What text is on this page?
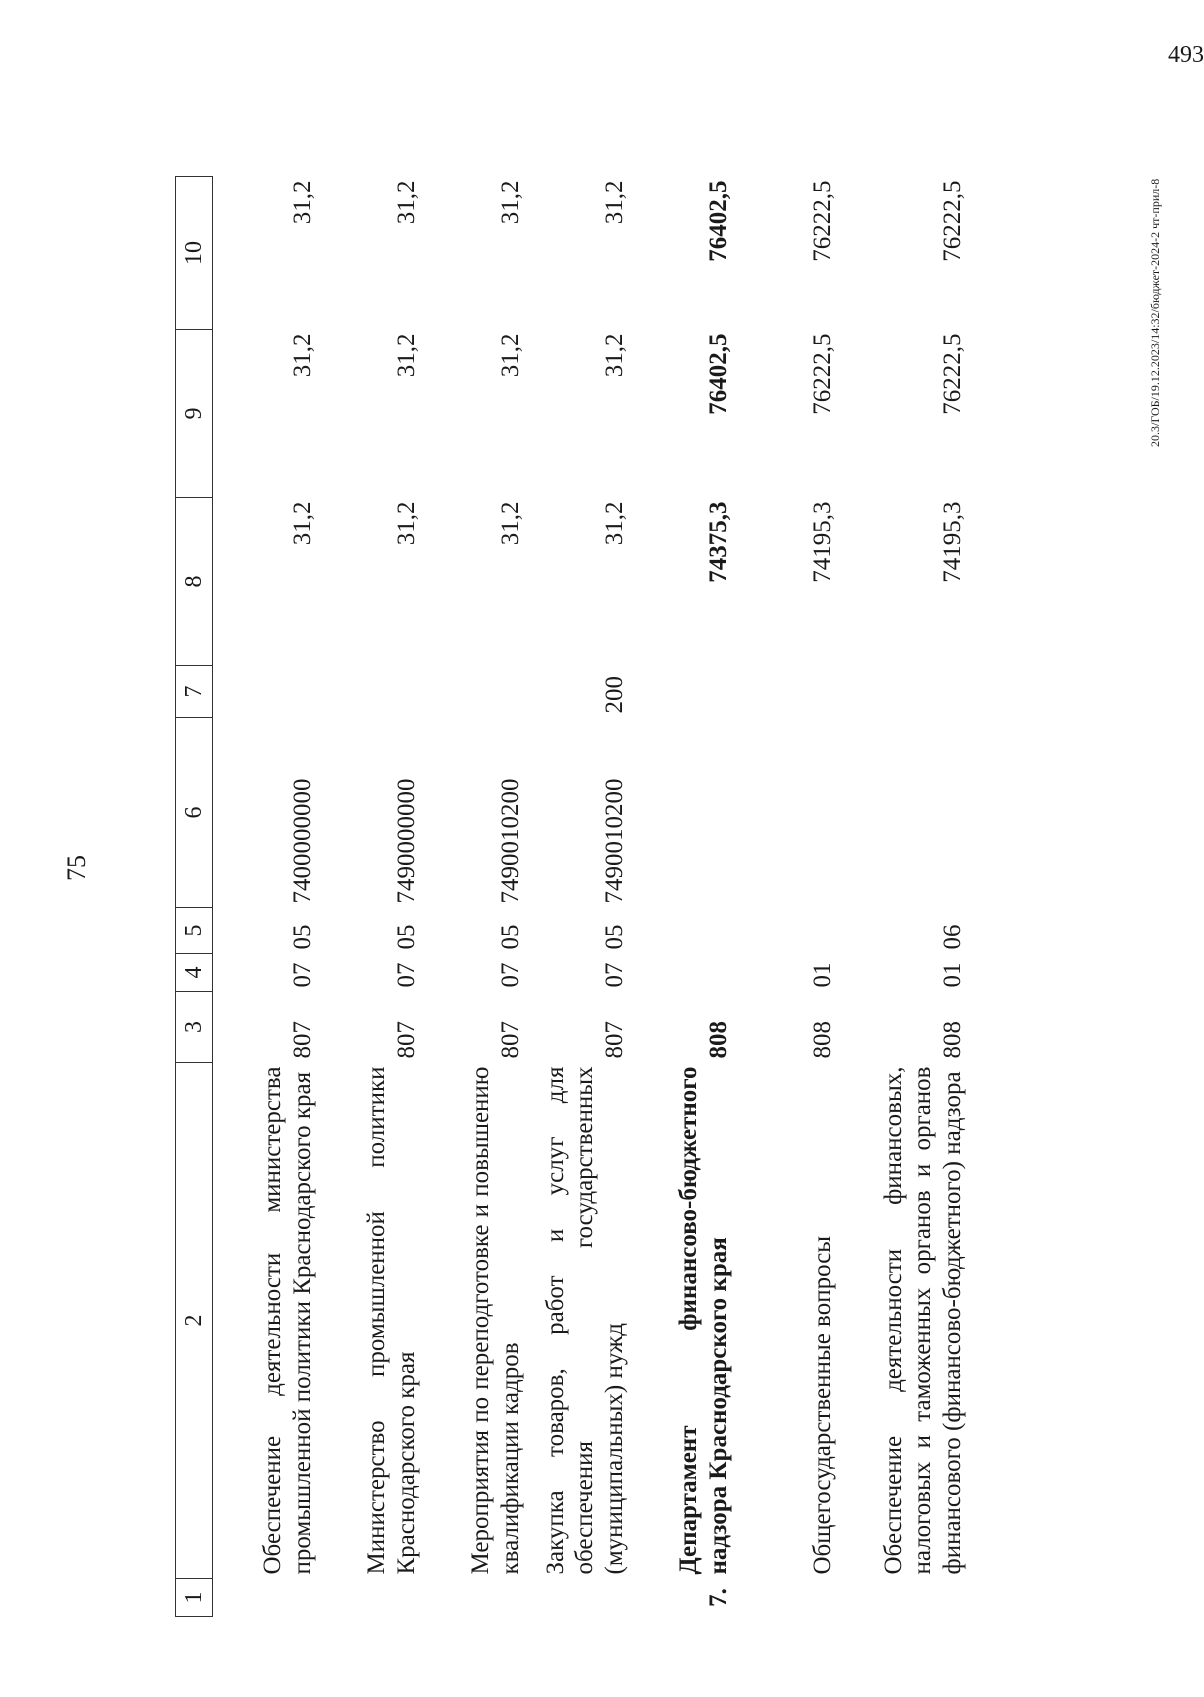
75
1	2	3	4	5	6	7	8	9	10
	Обеспечение деятельности министерства промышленной политики Краснодарского края	807	07	05	7400000000		31,2	31,2	31,2
	Министерство промышленной политики Краснодарского края	807	07	05	7490000000		31,2	31,2	31,2
	Мероприятия по переподготовке и повышению квалификации кадров	807	07	05	7490010200		31,2	31,2	31,2
	Закупка товаров, работ и услуг для обеспечения государственных (муниципальных) нужд	807	07	05	7490010200	200	31,2	31,2	31,2
7.	Департамент финансово-бюджетного надзора Краснодарского края	808					74375,3	76402,5	76402,5
	Общегосударственные вопросы	808	01				74195,3	76222,5	76222,5
	Обеспечение деятельности финансовых, налоговых и таможенных органов и органов финансового (финансово-бюджетного) надзора	808	01	06			74195,3	76222,5	76222,5	20.3/ГОБ/19.12.2023/14:32/бюджет-2024-2 чт-прил-8
493
